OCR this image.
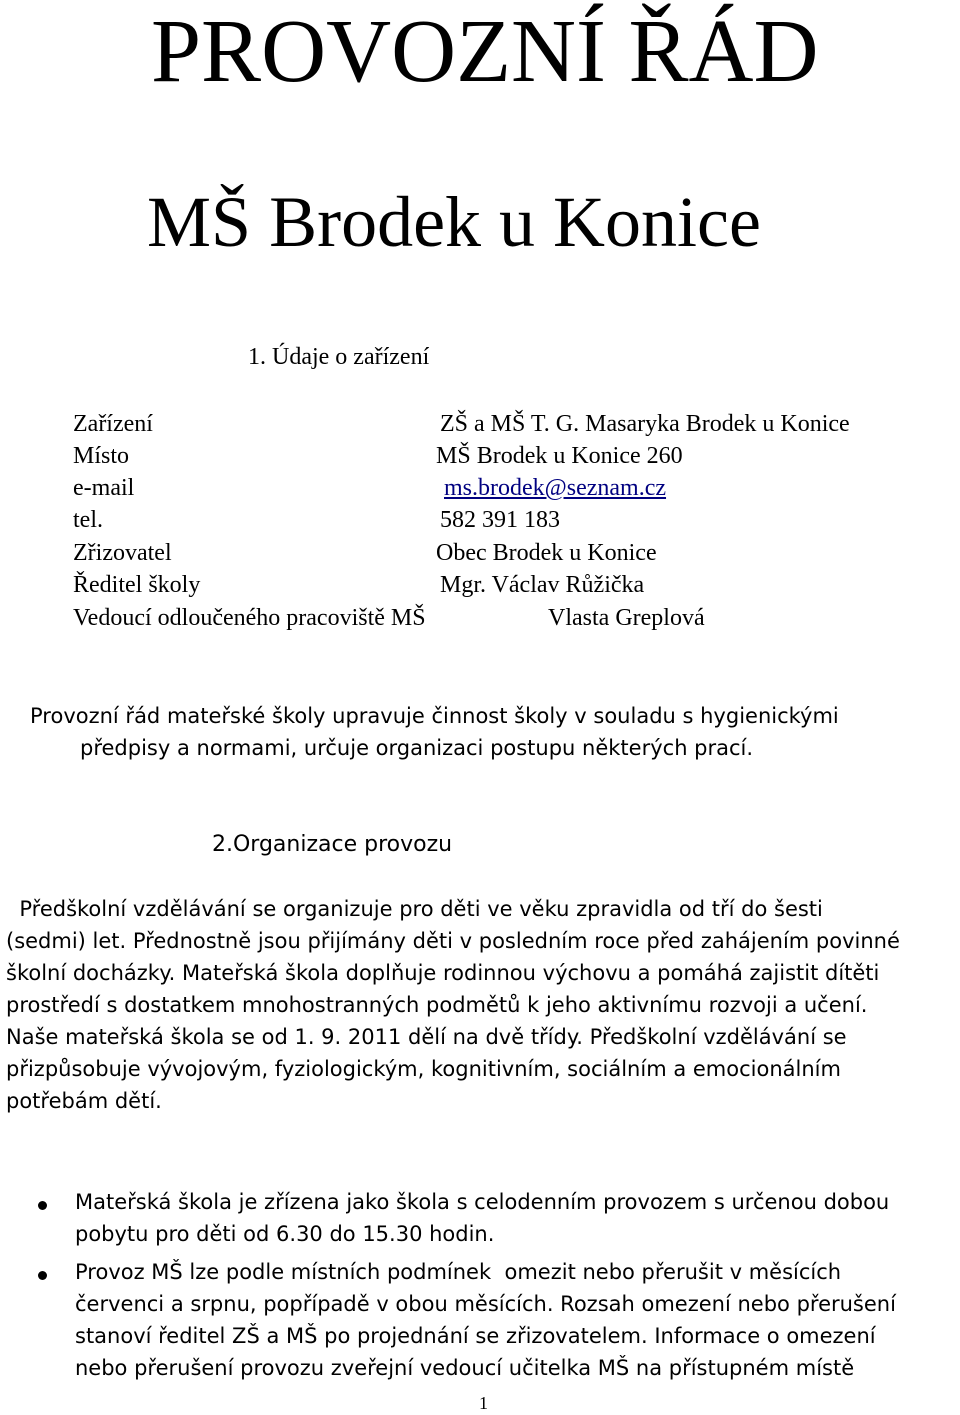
PROVOZNÍ ŘÁD
MŠ Brodek u Konice
1. Údaje o zařízení
Zařízení	ZŠ a MŠ T. G. Masaryka Brodek u Konice
Místo	MŠ Brodek u Konice 260
e-mail	ms.brodek@seznam.cz
tel.	582 391 183
Zřizovatel	Obec Brodek u Konice
Ředitel školy	Mgr. Václav Růžička
Vedoucí odloučeného pracoviště MŠ	Vlasta Greplová
Provozní řád mateřské školy upravuje činnost školy v souladu s hygienickými
předpisy a normami, určuje organizaci postupu některých prací.
2.Organizace provozu
Předškolní vzdělávání se organizuje pro děti ve věku zpravidla od tří do šesti
(sedmi) let. Přednostně jsou přijímány děti v posledním roce před zahájením povinné
školní docházky. Mateřská škola doplňuje rodinnou výchovu a pomáhá zajistit dítěti
prostředí s dostatkem mnohostranných podmětů k jeho aktivnímu rozvoji a učení.
Naše mateřská škola se od 1. 9. 2011 dělí na dvě třídy. Předškolní vzdělávání se
přizpůsobuje vývojovým, fyziologickým, kognitivním, sociálním a emocionálním
potřebám dětí.
Mateřská škola je zřízena jako škola s celodenním provozem s určenou dobou
pobytu pro děti od 6.30 do 15.30 hodin.
Provoz MŠ lze podle místních podmínek  omezit nebo přerušit v měsících
červenci a srpnu, popřípadě v obou měsících. Rozsah omezení nebo přerušení
stanoví ředitel ZŠ a MŠ po projednání se zřizovatelem. Informace o omezení
nebo přerušení provozu zveřejní vedoucí učitelka MŠ na přístupném místě
1
